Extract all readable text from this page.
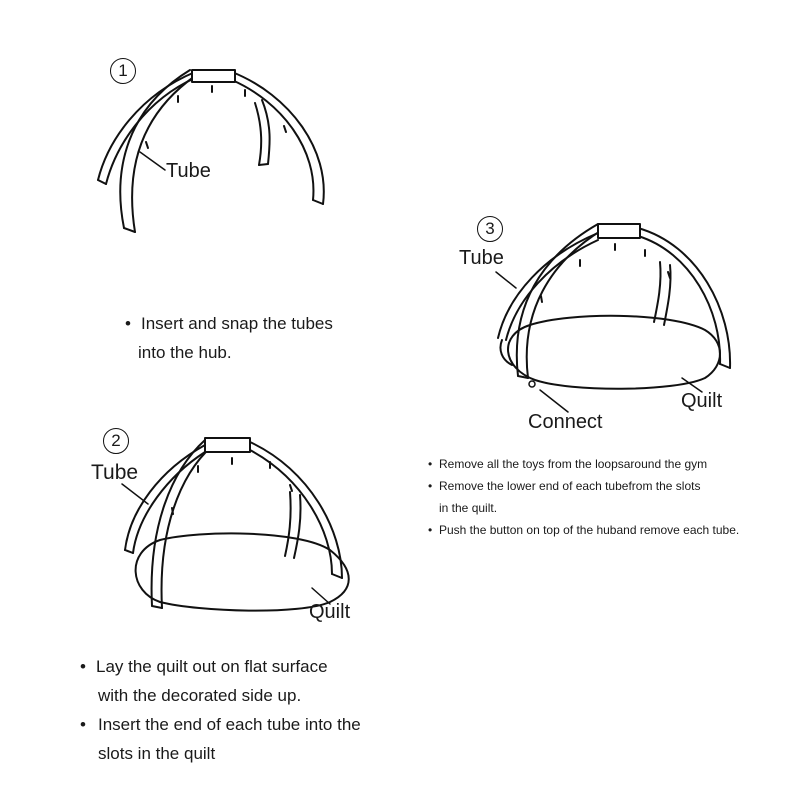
1
Tube
• Insert and snap the tubes
into the hub.
2
Tube
Quilt
• Lay the quilt out on flat surface
with the decorated side up.
• Insert the end of each tube into the
slots in the quilt
3
Tube
Quilt
Connect
• Remove all the toys from the loopsaround the gym
• Remove the lower end of each tubefrom the slots
in the quilt.
• Push the button on top of the huband remove each tube.
